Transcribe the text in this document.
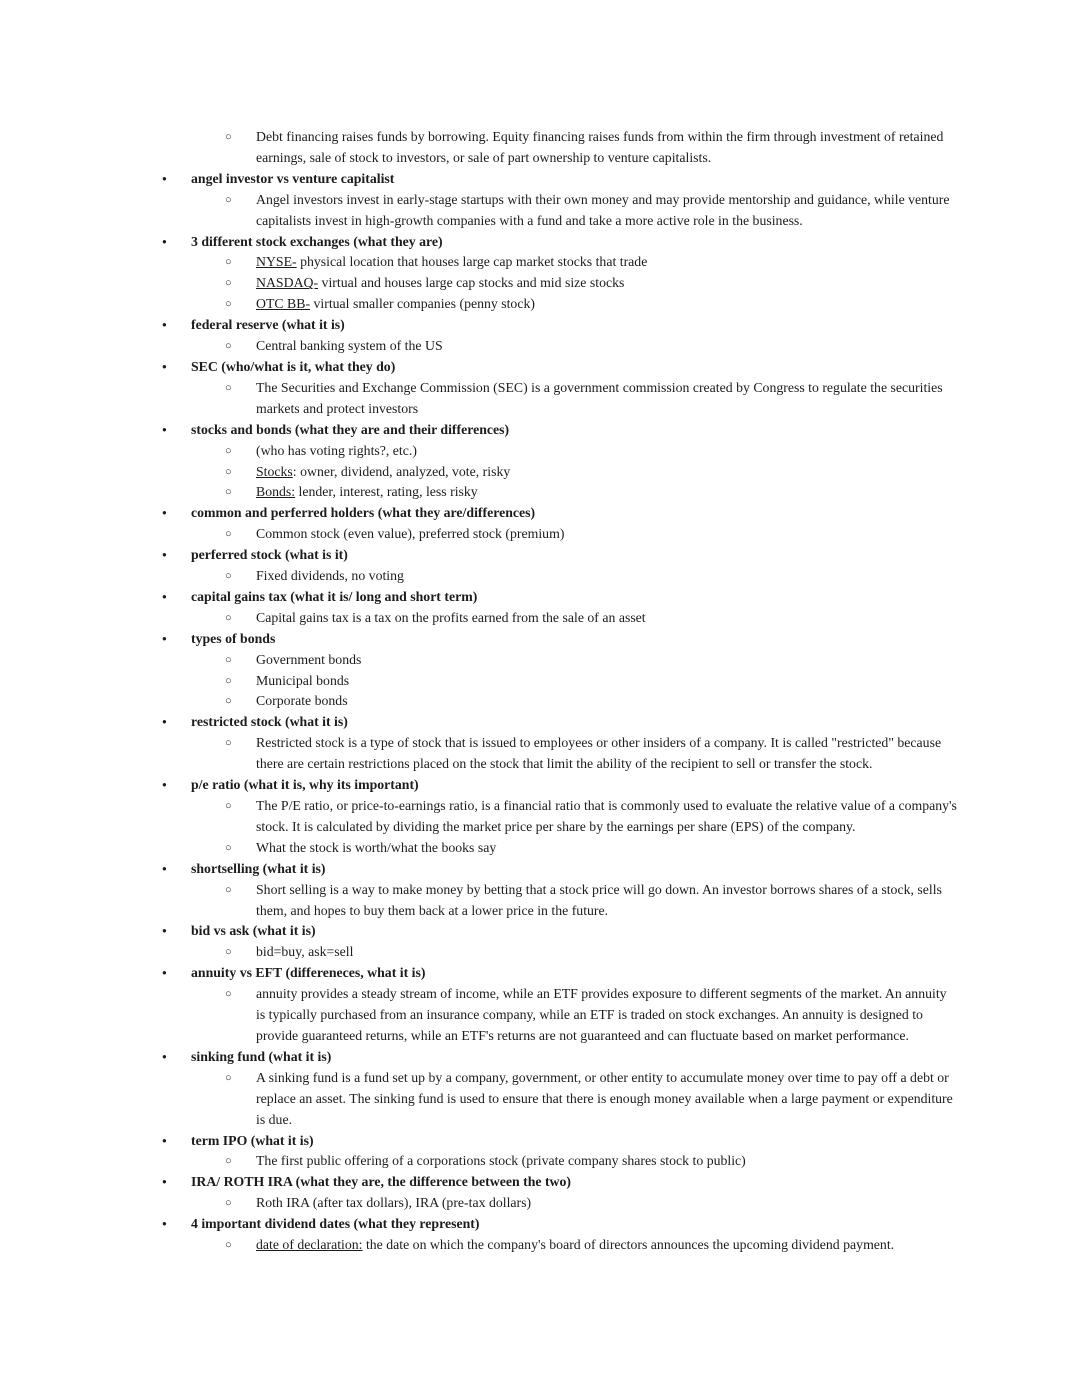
○	Debt financing raises funds by borrowing. Equity financing raises funds from within the firm through investment of retained earnings, sale of stock to investors, or sale of part ownership to venture capitalists.
●	angel investor vs venture capitalist
○	Angel investors invest in early-stage startups with their own money and may provide mentorship and guidance, while venture capitalists invest in high-growth companies with a fund and take a more active role in the business.
●	3 different stock exchanges (what they are)
○	NYSE- physical location that houses large cap market stocks that trade
○	NASDAQ- virtual and houses large cap stocks and mid size stocks
○	OTC BB- virtual smaller companies (penny stock)
●	federal reserve (what it is)
○	Central banking system of the US
●	SEC (who/what is it, what they do)
○	The Securities and Exchange Commission (SEC) is a government commission created by Congress to regulate the securities markets and protect investors
●	stocks and bonds (what they are and their differences)
○	(who has voting rights?, etc.)
○	Stocks: owner, dividend, analyzed, vote, risky
○	Bonds: lender, interest, rating, less risky
●	common and perferred holders (what they are/differences)
○	Common stock (even value), preferred stock (premium)
●	perferred stock (what is it)
○	Fixed dividends, no voting
●	capital gains tax (what it is/ long and short term)
○	Capital gains tax is a tax on the profits earned from the sale of an asset
●	types of bonds
○	Government bonds
○	Municipal bonds
○	Corporate bonds
●	restricted stock (what it is)
○	Restricted stock is a type of stock that is issued to employees or other insiders of a company. It is called "restricted" because there are certain restrictions placed on the stock that limit the ability of the recipient to sell or transfer the stock.
●	p/e ratio (what it is, why its important)
○	The P/E ratio, or price-to-earnings ratio, is a financial ratio that is commonly used to evaluate the relative value of a company's stock. It is calculated by dividing the market price per share by the earnings per share (EPS) of the company.
○	What the stock is worth/what the books say
●	shortselling (what it is)
○	Short selling is a way to make money by betting that a stock price will go down. An investor borrows shares of a stock, sells them, and hopes to buy them back at a lower price in the future.
●	bid vs ask (what it is)
○	bid=buy, ask=sell
●	annuity vs EFT (differeneces, what it is)
○	annuity provides a steady stream of income, while an ETF provides exposure to different segments of the market. An annuity is typically purchased from an insurance company, while an ETF is traded on stock exchanges. An annuity is designed to provide guaranteed returns, while an ETF's returns are not guaranteed and can fluctuate based on market performance.
●	sinking fund (what it is)
○	A sinking fund is a fund set up by a company, government, or other entity to accumulate money over time to pay off a debt or replace an asset. The sinking fund is used to ensure that there is enough money available when a large payment or expenditure is due.
●	term IPO (what it is)
○	The first public offering of a corporations stock (private company shares stock to public)
●	IRA/ ROTH IRA (what they are, the difference between the two)
○	Roth IRA (after tax dollars), IRA (pre-tax dollars)
●	4 important dividend dates (what they represent)
○	date of declaration: the date on which the company's board of directors announces the upcoming dividend payment.
